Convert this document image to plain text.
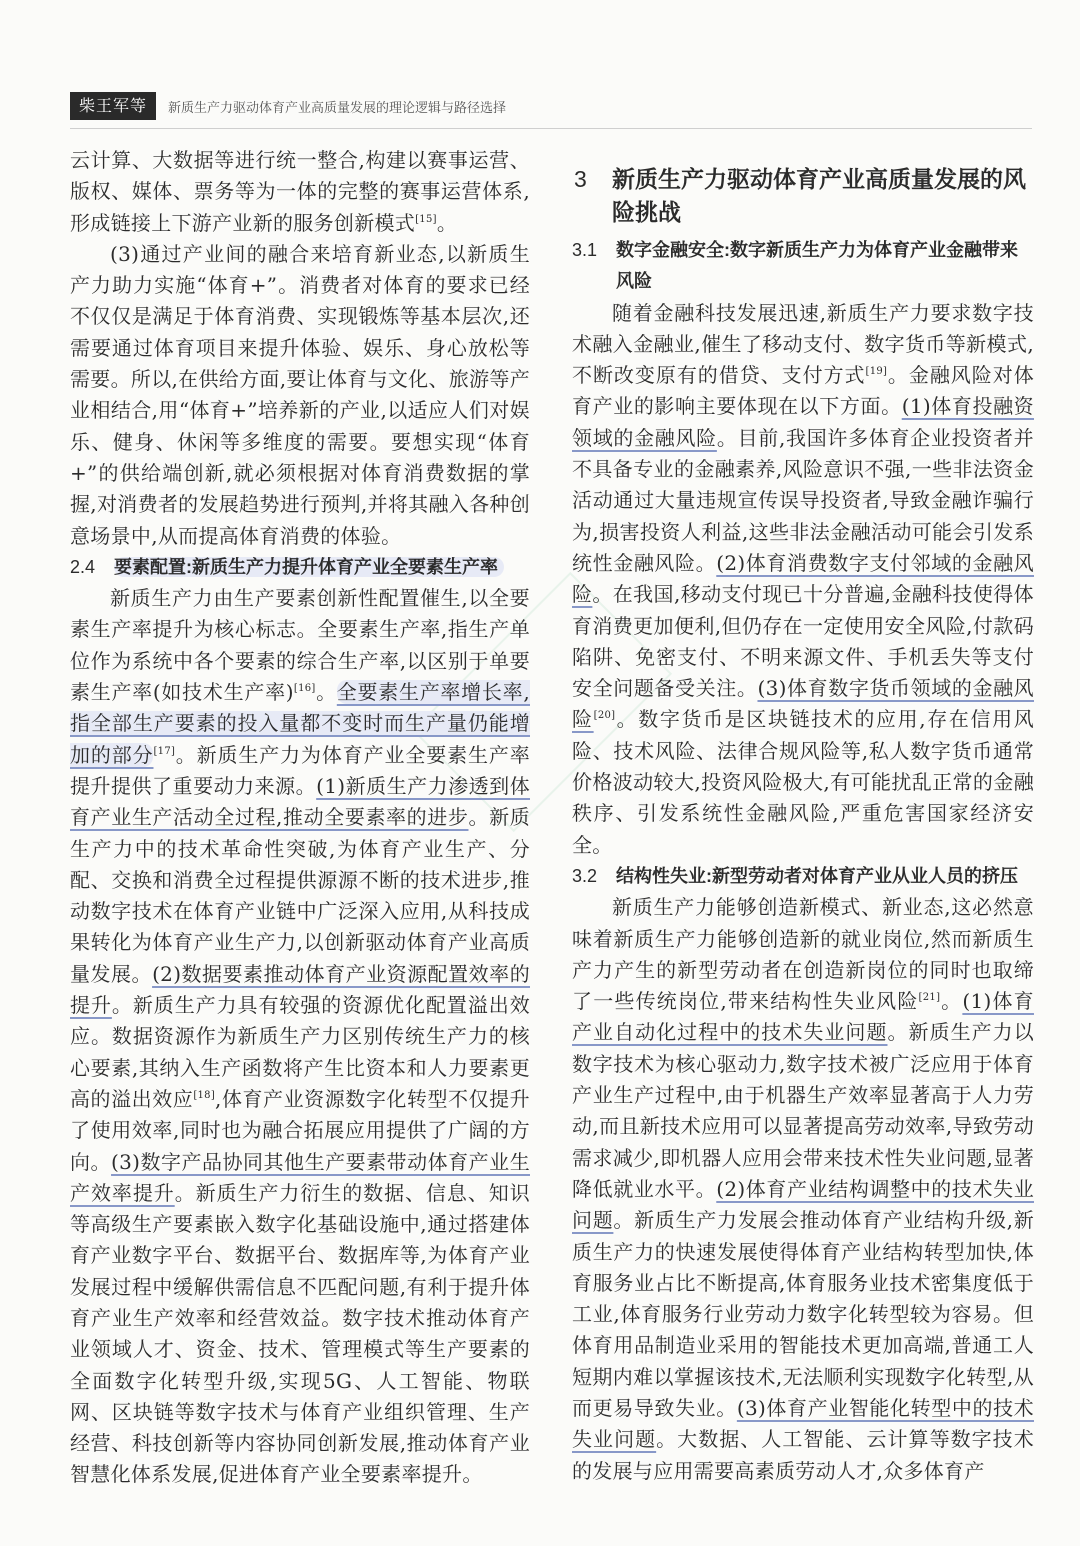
柴王军等	新质生产力驱动体育产业高质量发展的理论逻辑与路径选择

云计算、大数据等进行统一整合,构建以赛事运营、版权、媒体、票务等为一体的完整的赛事运营体系,形成链接上下游产业新的服务创新模式[15]。

(3)通过产业间的融合来培育新业态,以新质生产力助力实施“体育+”。消费者对体育的要求已经不仅仅是满足于体育消费、实现锻炼等基本层次,还需要通过体育项目来提升体验、娱乐、身心放松等需要。所以,在供给方面,要让体育与文化、旅游等产业相结合,用“体育+”培养新的产业,以适应人们对娱乐、健身、休闲等多维度的需要。要想实现“体育+”的供给端创新,就必须根据对体育消费数据的掌握,对消费者的发展趋势进行预判,并将其融入各种创意场景中,从而提高体育消费的体验。

2.4 要素配置:新质生产力提升体育产业全要素生产率

新质生产力由生产要素创新性配置催生,以全要素生产率提升为核心标志。全要素生产率,指生产单位作为系统中各个要素的综合生产率,以区别于单要素生产率(如技术生产率)[16]。全要素生产率增长率,指全部生产要素的投入量都不变时而生产量仍能增加的部分[17]。新质生产力为体育产业全要素生产率提升提供了重要动力来源。(1)新质生产力渗透到体育产业生产活动全过程,推动全要素率的进步。新质生产力中的技术革命性突破,为体育产业生产、分配、交换和消费全过程提供源源不断的技术进步,推动数字技术在体育产业链中广泛深入应用,从科技成果转化为体育产业生产力,以创新驱动体育产业高质量发展。(2)数据要素推动体育产业资源配置效率的提升。新质生产力具有较强的资源优化配置溢出效应。数据资源作为新质生产力区别传统生产力的核心要素,其纳入生产函数将产生比资本和人力要素更高的溢出效应[18],体育产业资源数字化转型不仅提升了使用效率,同时也为融合拓展应用提供了广阔的方向。(3)数字产品协同其他生产要素带动体育产业生产效率提升。新质生产力衍生的数据、信息、知识等高级生产要素嵌入数字化基础设施中,通过搭建体育产业数字平台、数据平台、数据库等,为体育产业发展过程中缓解供需信息不匹配问题,有利于提升体育产业生产效率和经营效益。数字技术推动体育产业领域人才、资金、技术、管理模式等生产要素的全面数字化转型升级,实现5G、人工智能、物联网、区块链等数字技术与体育产业组织管理、生产经营、科技创新等内容协同创新发展,推动体育产业智慧化体系发展,促进体育产业全要素率提升。

3 新质生产力驱动体育产业高质量发展的风险挑战
3.1 数字金融安全:数字新质生产力为体育产业金融带来风险

随着金融科技发展迅速,新质生产力要求数字技术融入金融业,催生了移动支付、数字货币等新模式,不断改变原有的借贷、支付方式[19]。金融风险对体育产业的影响主要体现在以下方面。(1)体育投融资领域的金融风险。目前,我国许多体育企业投资者并不具备专业的金融素养,风险意识不强,一些非法资金活动通过大量违规宣传误导投资者,导致金融诈骗行为,损害投资人利益,这些非法金融活动可能会引发系统性金融风险。(2)体育消费数字支付邻域的金融风险。在我国,移动支付现已十分普遍,金融科技使得体育消费更加便利,但仍存在一定使用安全风险,付款码陷阱、免密支付、不明来源文件、手机丢失等支付安全问题备受关注。(3)体育数字货币领域的金融风险[20]。数字货币是区块链技术的应用,存在信用风险、技术风险、法律合规风险等,私人数字货币通常价格波动较大,投资风险极大,有可能扰乱正常的金融秩序、引发系统性金融风险,严重危害国家经济安全。

3.2 结构性失业:新型劳动者对体育产业从业人员的挤压

新质生产力能够创造新模式、新业态,这必然意味着新质生产力能够创造新的就业岗位,然而新质生产力产生的新型劳动者在创造新岗位的同时也取缔了一些传统岗位,带来结构性失业风险[21]。(1)体育产业自动化过程中的技术失业问题。新质生产力以数字技术为核心驱动力,数字技术被广泛应用于体育产业生产过程中,由于机器生产效率显著高于人力劳动,而且新技术应用可以显著提高劳动效率,导致劳动需求减少,即机器人应用会带来技术性失业问题,显著降低就业水平。(2)体育产业结构调整中的技术失业问题。新质生产力发展会推动体育产业结构升级,新质生产力的快速发展使得体育产业结构转型加快,体育服务业占比不断提高,体育服务业技术密集度低于工业,体育服务行业劳动力数字化转型较为容易。但体育用品制造业采用的智能技术更加高端,普通工人短期内难以掌握该技术,无法顺利实现数字化转型,从而更易导致失业。(3)体育产业智能化转型中的技术失业问题。大数据、人工智能、云计算等数字技术的发展与应用需要高素质劳动人才,众多体育产
